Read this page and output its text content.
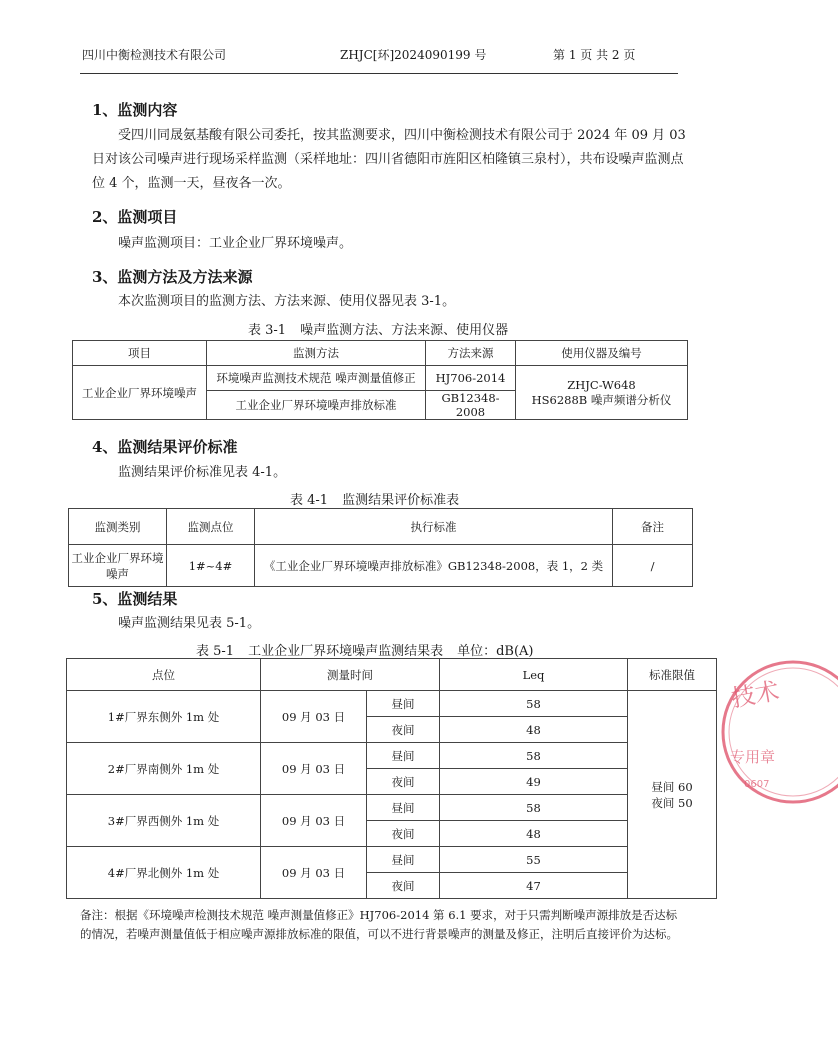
四川中衡检测技术有限公司	ZHJC[环]2024090199 号	第 1 页 共 2 页
1、监测内容
受四川同晟氨基酸有限公司委托，按其监测要求，四川中衡检测技术有限公司于 2024 年 09 月 03 日对该公司噪声进行现场采样监测（采样地址：四川省德阳市旌阳区柏隆镇三泉村），共布设噪声监测点位 4 个，监测一天，昼夜各一次。
2、监测项目
噪声监测项目：工业企业厂界环境噪声。
3、监测方法及方法来源
本次监测项目的监测方法、方法来源、使用仪器见表 3-1。
表 3-1 噪声监测方法、方法来源、使用仪器
项目	监测方法	方法来源	使用仪器及编号
工业企业厂界环境噪声	环境噪声监测技术规范 噪声测量值修正	HJ706-2014	ZHJC-W648
HS6288B 噪声频谱分析仪

	工业企业厂界环境噪声排放标准	GB12348-2008	
4、监测结果评价标准
监测结果评价标准见表 4-1。
表 4-1 监测结果评价标准表
监测类别	监测点位	执行标准	备注

工业企业厂界环境噪声	1#~4#	《工业企业厂界环境噪声排放标准》GB12348-2008，表 1，2 类	/
5、监测结果
噪声监测结果见表 5-1。
表 5-1 工业企业厂界环境噪声监测结果表 单位：dB(A)
点位	测量时间		Leq	标准限值
1#厂界东侧外 1m 处	09 月 03 日	昼间	58	昼间 60
夜间 50

		夜间	48	
2#厂界南侧外 1m 处	09 月 03 日	昼间	58	
		夜间	49	
3#厂界西侧外 1m 处	09 月 03 日	昼间	58	
		夜间	48	
4#厂界北侧外 1m 处	09 月 03 日	昼间	55	
		夜间	47	
备注：根据《环境噪声检测技术规范 噪声测量值修正》HJ706-2014 第 6.1 要求，对于只需判断噪声源排放是否达标的情况，若噪声测量值低于相应噪声源排放标准的限值，可以不进行背景噪声的测量及修正，注明后直接评价为达标。
技术
专用章
0607
